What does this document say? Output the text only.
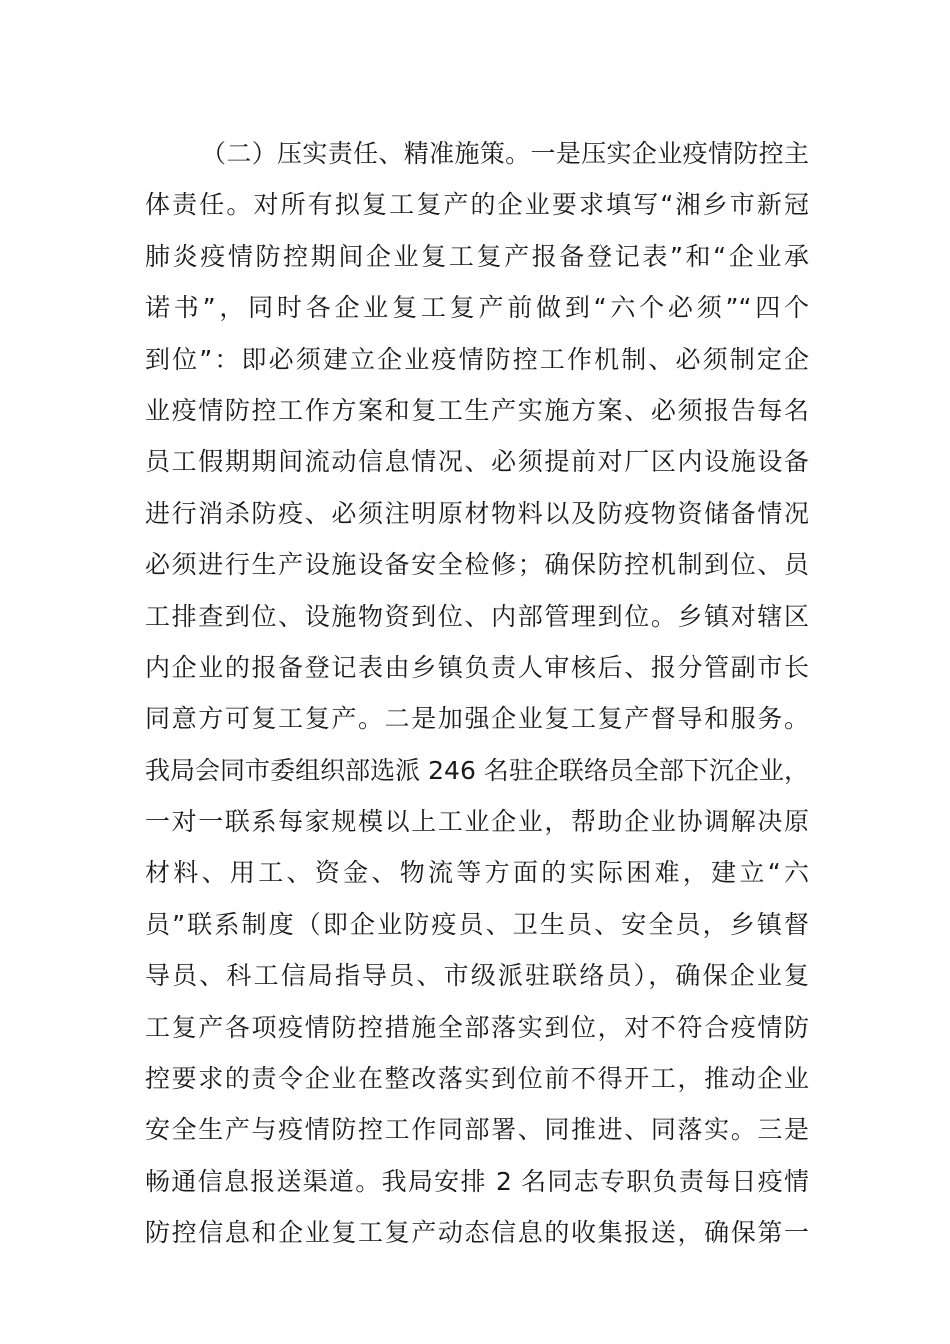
（二）压实责任、精准施策。一是压实企业疫情防控主
体责任。对所有拟复工复产的企业要求填写“湘乡市新冠
肺炎疫情防控期间企业复工复产报备登记表”和“企业承
诺书”，同时各企业复工复产前做到“六个必须”“四个
到位”：即必须建立企业疫情防控工作机制、必须制定企
业疫情防控工作方案和复工生产实施方案、必须报告每名
员工假期期间流动信息情况、必须提前对厂区内设施设备
进行消杀防疫、必须注明原材物料以及防疫物资储备情况
必须进行生产设施设备安全检修；确保防控机制到位、员
工排查到位、设施物资到位、内部管理到位。乡镇对辖区
内企业的报备登记表由乡镇负责人审核后、报分管副市长
同意方可复工复产。二是加强企业复工复产督导和服务。
我局会同市委组织部选派 246 名驻企联络员全部下沉企业，
一对一联系每家规模以上工业企业，帮助企业协调解决原
材料、用工、资金、物流等方面的实际困难，建立“六
员”联系制度（即企业防疫员、卫生员、安全员，乡镇督
导员、科工信局指导员、市级派驻联络员），确保企业复
工复产各项疫情防控措施全部落实到位，对不符合疫情防
控要求的责令企业在整改落实到位前不得开工，推动企业
安全生产与疫情防控工作同部署、同推进、同落实。三是
畅通信息报送渠道。我局安排 2 名同志专职负责每日疫情
防控信息和企业复工复产动态信息的收集报送，确保第一
